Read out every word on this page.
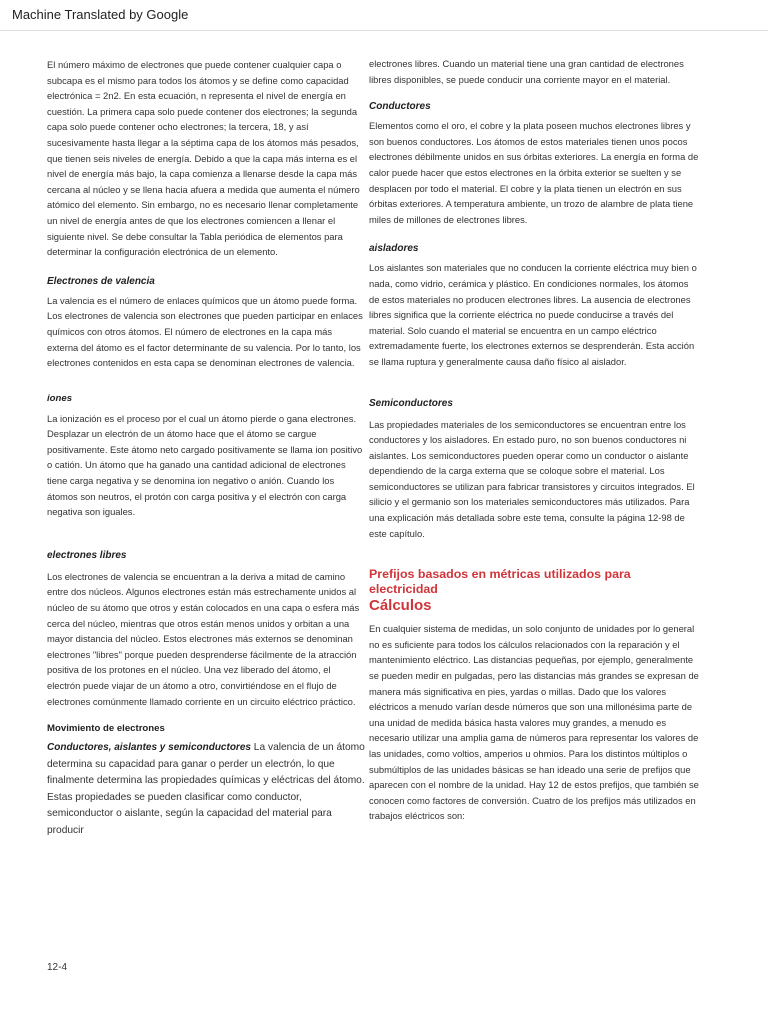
Machine Translated by Google

El número máximo de electrones que puede contener cualquier capa o subcapa es el mismo para todos los átomos y se define como capacidad electrónica = 2n2. En esta ecuación, n representa el nivel de energía en cuestión. La primera capa solo puede contener dos electrones; la segunda capa solo puede contener ocho electrones; la tercera, 18, y así sucesivamente hasta llegar a la séptima capa de los átomos más pesados, que tienen seis niveles de energía. Debido a que la capa más interna es el nivel de energía más bajo, la capa comienza a llenarse desde la capa más cercana al núcleo y se llena hacia afuera a medida que aumenta el número atómico del elemento. Sin embargo, no es necesario llenar completamente un nivel de energía antes de que los electrones comiencen a llenar el siguiente nivel. Se debe consultar la Tabla periódica de elementos para determinar la configuración electrónica de un elemento.

Electrones de valencia

La valencia es el número de enlaces químicos que un átomo puede forma. Los electrones de valencia son electrones que pueden participar en enlaces químicos con otros átomos. El número de electrones en la capa más externa del átomo es el factor determinante de su valencia. Por lo tanto, los electrones contenidos en esta capa se denominan electrones de valencia.

iones

La ionización es el proceso por el cual un átomo pierde o gana electrones. Desplazar un electrón de un átomo hace que el átomo se cargue positivamente. Este átomo neto cargado positivamente se llama ion positivo o catión. Un átomo que ha ganado una cantidad adicional de electrones tiene carga negativa y se denomina ion negativo o anión. Cuando los átomos son neutros, el protón con carga positiva y el electrón con carga negativa son iguales.

electrones libres

Los electrones de valencia se encuentran a la deriva a mitad de camino entre dos núcleos. Algunos electrones están más estrechamente unidos al núcleo de su átomo que otros y están colocados en una capa o esfera más cerca del núcleo, mientras que otros están menos unidos y orbitan a una mayor distancia del núcleo. Estos electrones más externos se denominan electrones "libres" porque pueden desprenderse fácilmente de la atracción positiva de los protones en el núcleo. Una vez liberado del átomo, el electrón puede viajar de un átomo a otro, convirtiéndose en el flujo de electrones comúnmente llamado corriente en un circuito eléctrico práctico.

Movimiento de electrones

Conductores, aislantes y semiconductores La valencia de un átomo determina su capacidad para ganar o perder un electrón, lo que finalmente determina las propiedades químicas y eléctricas del átomo. Estas propiedades se pueden clasificar como conductor, semiconductor o aislante, según la capacidad del material para producir

electrones libres. Cuando un material tiene una gran cantidad de electrones libres disponibles, se puede conducir una corriente mayor en el material.

Conductores

Elementos como el oro, el cobre y la plata poseen muchos electrones libres y son buenos conductores. Los átomos de estos materiales tienen unos pocos electrones débilmente unidos en sus órbitas exteriores. La energía en forma de calor puede hacer que estos electrones en la órbita exterior se suelten y se desplacen por todo el material. El cobre y la plata tienen un electrón en sus órbitas exteriores. A temperatura ambiente, un trozo de alambre de plata tiene miles de millones de electrones libres.

aisladores

Los aislantes son materiales que no conducen la corriente eléctrica muy bien o nada, como vidrio, cerámica y plástico. En condiciones normales, los átomos de estos materiales no producen electrones libres. La ausencia de electrones libres significa que la corriente eléctrica no puede conducirse a través del material. Solo cuando el material se encuentra en un campo eléctrico extremadamente fuerte, los electrones externos se desprenderán. Esta acción se llama ruptura y generalmente causa daño físico al aislador.

Semiconductores

Las propiedades materiales de los semiconductores se encuentran entre los conductores y los aisladores. En estado puro, no son buenos conductores ni aislantes. Los semiconductores pueden operar como un conductor o aislante dependiendo de la carga externa que se coloque sobre el material. Los semiconductores se utilizan para fabricar transistores y circuitos integrados. El silicio y el germanio son los materiales semiconductores más utilizados. Para una explicación más detallada sobre este tema, consulte la página 12-98 de este capítulo.

Prefijos basados en métricas utilizados para electricidad
Cálculos

En cualquier sistema de medidas, un solo conjunto de unidades por lo general no es suficiente para todos los cálculos relacionados con la reparación y el mantenimiento eléctrico. Las distancias pequeñas, por ejemplo, generalmente se pueden medir en pulgadas, pero las distancias más grandes se expresan de manera más significativa en pies, yardas o millas. Dado que los valores eléctricos a menudo varían desde números que son una millonésima parte de una unidad de medida básica hasta valores muy grandes, a menudo es necesario utilizar una amplia gama de números para representar los valores de las unidades, como voltios, amperios u ohmios. Para los distintos múltiplos o submúltiplos de las unidades básicas se han ideado una serie de prefijos que aparecen con el nombre de la unidad. Hay 12 de estos prefijos, que también se conocen como factores de conversión. Cuatro de los prefijos más utilizados en trabajos eléctricos son:

12-4
